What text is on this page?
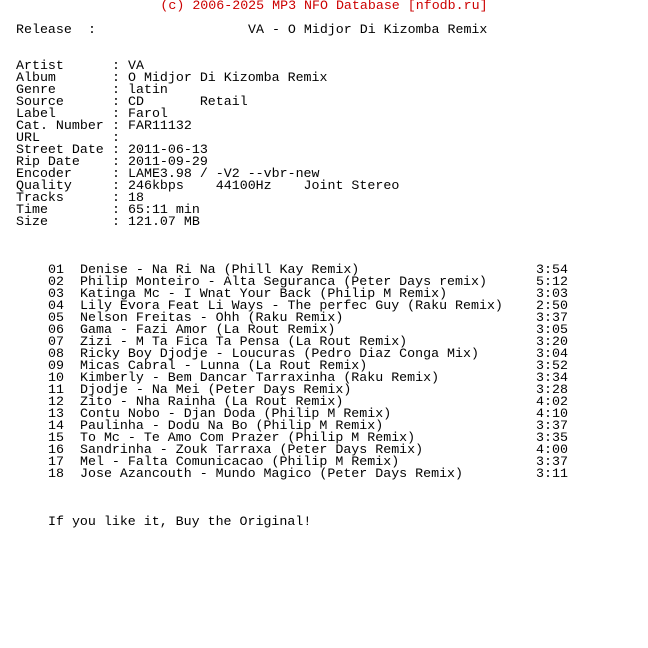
(c) 2006-2025 MP3 NFO Database [nfodb.ru]

Release

:

	VA - O Midjor Di Kizomba Remix

Artist	: VA
Album	: O Midjor Di Kizomba Remix
Genre	: latin
Source	: CD       Retail
Label	: Farol
Cat. Number : FAR11132
URL	:
Street Date : 2011-06-13
Rip Date : 2011-09-29
Encoder	: LAME3.98 / -V2 --vbr-new
Quality	: 246kbps    44100Hz    Joint Stereo
Tracks	: 18
Time	: 65:11 min
Size	: 121.07 MB
01 Denise - Na Ri Na (Phill Kay Remix)	3:54
02 Philip Monteiro - Alta Seguranca (Peter Days remix)	5:12
03 Katinga Mc - I Wnat Your Back (Philip M Remix)	3:03
04 Lily Evora Feat Li Ways - The perfec Guy (Raku Remix) 2:50
05 Nelson Freitas - Ohh (Raku Remix)	3:37
06 Gama - Fazi Amor (La Rout Remix)	3:05
07 Zizi - M Ta Fica Ta Pensa (La Rout Remix)	3:20
08 Ricky Boy Djodje - Loucuras (Pedro Diaz Conga Mix)	3:04
09 Micas Cabral - Lunna (La Rout Remix)	3:52
10 Kimberly - Bem Dancar Tarraxinha (Raku Remix)	3:34
11 Djodje - Na Mei (Peter Days Remix)	3:28
12 Zito - Nha Rainha (La Rout Remix)	4:02
13 Contu Nobo - Djan Doda (Philip M Remix)	4:10
14 Paulinha - Dodu Na Bo (Philip M Remix)	3:37
15 To Mc - Te Amo Com Prazer (Philip M Remix)	3:35
16 Sandrinha - Zouk Tarraxa (Peter Days Remix)	4:00
17 Mel - Falta Comunicacao (Philip M Remix)	3:37
18 Jose Azancouth - Mundo Magico (Peter Days Remix)	3:11
If you like it, Buy the Original!
